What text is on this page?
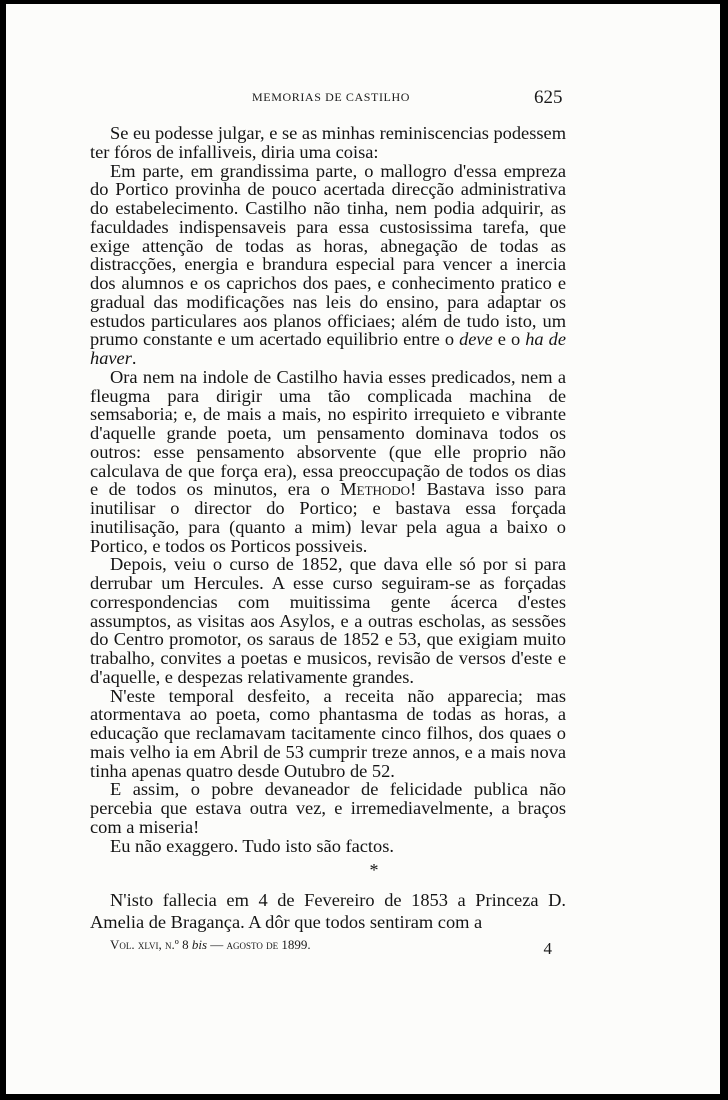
MEMORIAS DE CASTILHO	625

Se eu podesse julgar, e se as minhas reminiscencias podessem ter fóros de infalliveis, diria uma coisa:

Em parte, em grandissima parte, o mallogro d'essa empreza do Portico provinha de pouco acertada direcção administrativa do estabelecimento. Castilho não tinha, nem podia adquirir, as faculdades indispensaveis para essa custosissima tarefa, que exige attenção de todas as horas, abnegação de todas as distracções, energia e brandura especial para vencer a inercia dos alumnos e os caprichos dos paes, e conhecimento pratico e gradual das modificações nas leis do ensino, para adaptar os estudos particulares aos planos officiaes; além de tudo isto, um prumo constante e um acertado equilibrio entre o deve e o ha de haver.

Ora nem na indole de Castilho havia esses predicados, nem a fleugma para dirigir uma tão complicada machina de semsaboria; e, de mais a mais, no espirito irrequieto e vibrante d'aquelle grande poeta, um pensamento dominava todos os outros: esse pensamento absorvente (que elle proprio não calculava de que força era), essa preoccupação de todos os dias e de todos os minutos, era o Methodo! Bastava isso para inutilisar o director do Portico; e bastava essa forçada inutilisação, para (quanto a mim) levar pela agua a baixo o Portico, e todos os Porticos possiveis.

Depois, veiu o curso de 1852, que dava elle só por si para derrubar um Hercules. A esse curso seguiram-se as forçadas correspondencias com muitissima gente ácerca d'estes assumptos, as visitas aos Asylos, e a outras escholas, as sessões do Centro promotor, os saraus de 1852 e 53, que exigiam muito trabalho, convites a poetas e musicos, revisão de versos d'este e d'aquelle, e despezas relativamente grandes.

N'este temporal desfeito, a receita não apparecia; mas atormentava ao poeta, como phantasma de todas as horas, a educação que reclamavam tacitamente cinco filhos, dos quaes o mais velho ia em Abril de 53 cumprir treze annos, e a mais nova tinha apenas quatro desde Outubro de 52.

E assim, o pobre devaneador de felicidade publica não percebia que estava outra vez, e irremediavelmente, a braços com a miseria!

Eu não exaggero. Tudo isto são factos.

*

N'isto fallecia em 4 de Fevereiro de 1853 a Princeza D. Amelia de Bragança. A dôr que todos sentiram com a

Vol. xlvi, n.º 8 bis — agosto de 1899.	4
